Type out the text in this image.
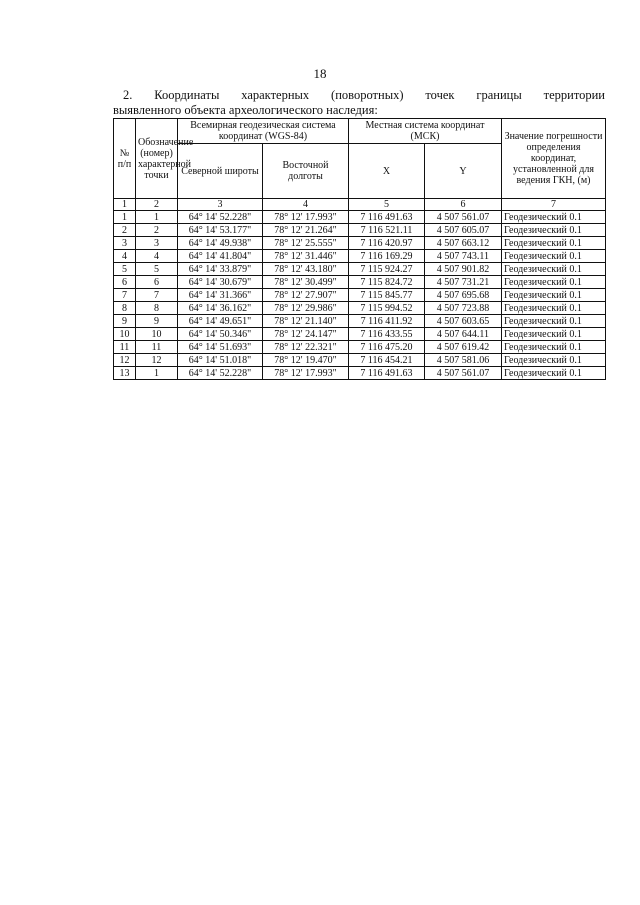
18
2. Координаты характерных (поворотных) точек границы территории
выявленного объекта археологического наследия:
№ п/п	Обозначение (номер) характерной точки	Всемирная геодезическая система координат (WGS-84)		Местная система координат (МСК)		Значение погрешности определения координат, установленной для ведения ГКН, (м)
		Северной широты	Восточной долготы	X	Y	
1	2	3	4	5	6	7
1	1	64° 14' 52.228"	78° 12' 17.993"	7 116 491.63	4 507 561.07	Геодезический 0.1
2	2	64° 14' 53.177"	78° 12' 21.264"	7 116 521.11	4 507 605.07	Геодезический 0.1
3	3	64° 14' 49.938"	78° 12' 25.555"	7 116 420.97	4 507 663.12	Геодезический 0.1
4	4	64° 14' 41.804"	78° 12' 31.446"	7 116 169.29	4 507 743.11	Геодезический 0.1
5	5	64° 14' 33.879"	78° 12' 43.180"	7 115 924.27	4 507 901.82	Геодезический 0.1
6	6	64° 14' 30.679"	78° 12' 30.499"	7 115 824.72	4 507 731.21	Геодезический 0.1
7	7	64° 14' 31.366"	78° 12' 27.907"	7 115 845.77	4 507 695.68	Геодезический 0.1
8	8	64° 14' 36.162"	78° 12' 29.986"	7 115 994.52	4 507 723.88	Геодезический 0.1
9	9	64° 14' 49.651"	78° 12' 21.140"	7 116 411.92	4 507 603.65	Геодезический 0.1
10	10	64° 14' 50.346"	78° 12' 24.147"	7 116 433.55	4 507 644.11	Геодезический 0.1
11	11	64° 14' 51.693"	78° 12' 22.321"	7 116 475.20	4 507 619.42	Геодезический 0.1
12	12	64° 14' 51.018"	78° 12' 19.470"	7 116 454.21	4 507 581.06	Геодезический 0.1
13	1	64° 14' 52.228"	78° 12' 17.993"	7 116 491.63	4 507 561.07	Геодезический 0.1
